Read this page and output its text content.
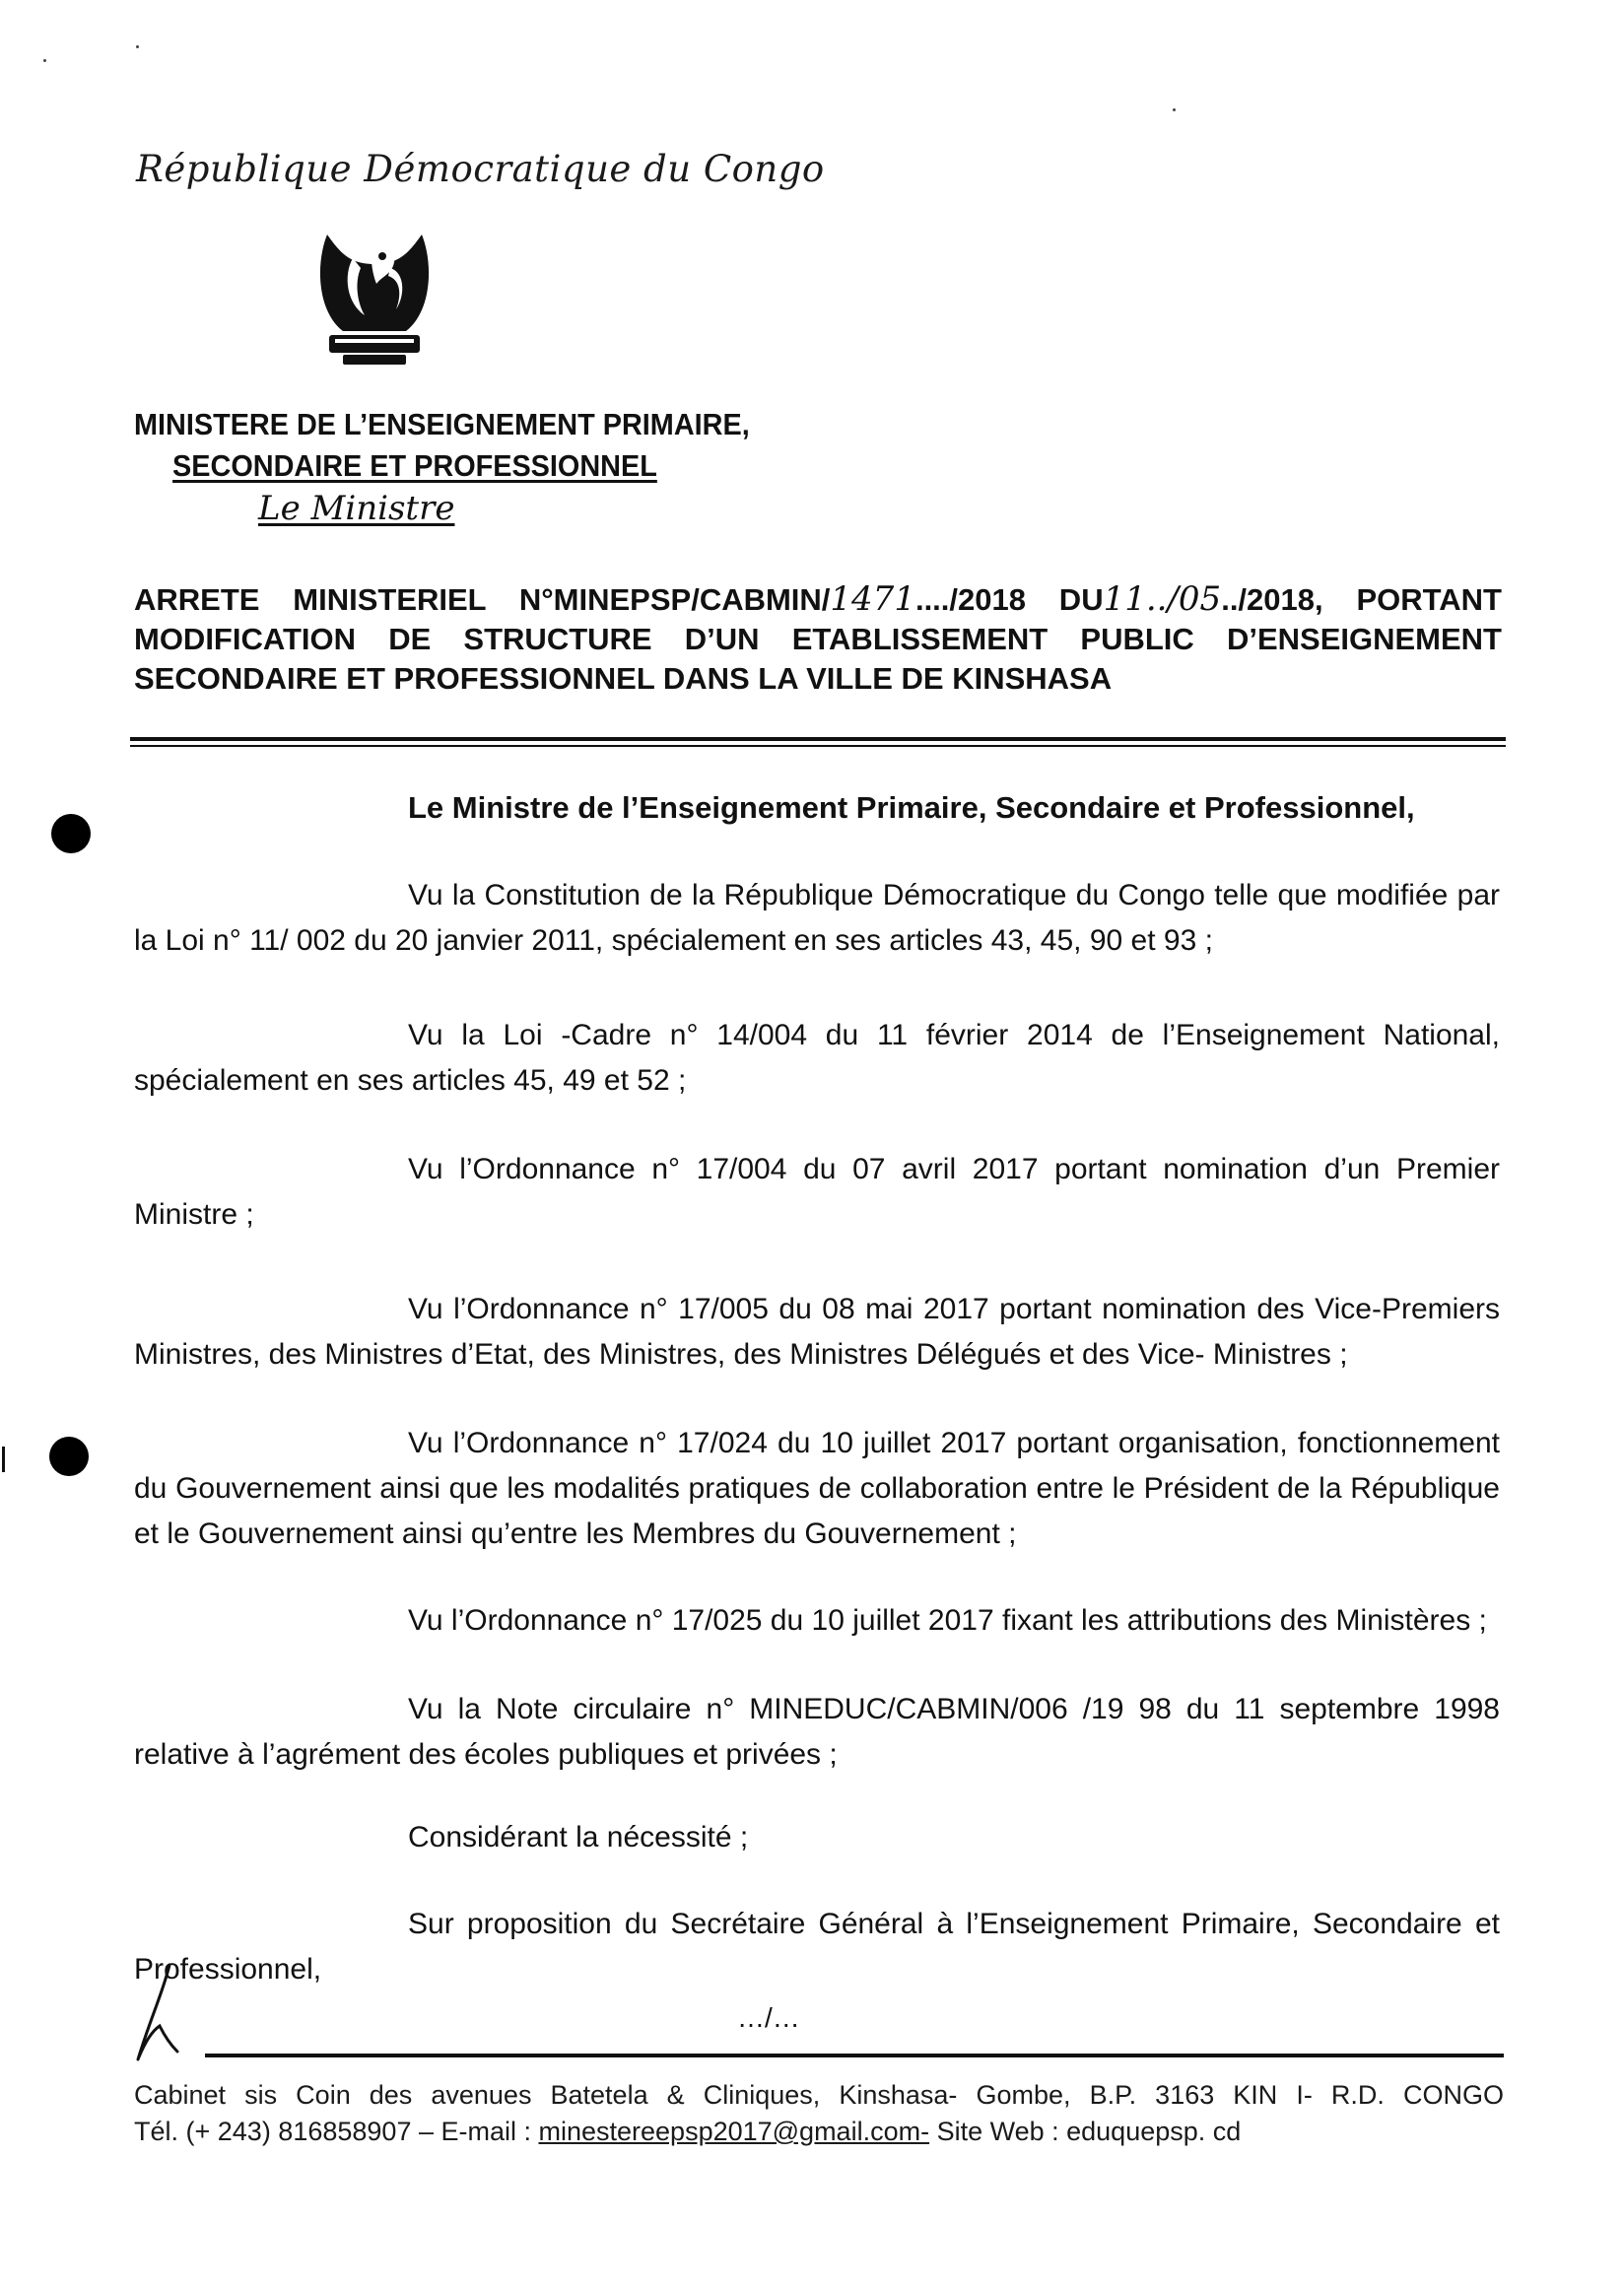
République Démocratique du Congo
MINISTERE DE L’ENSEIGNEMENT PRIMAIRE,
SECONDAIRE ET PROFESSIONNEL
Le Ministre
ARRETE MINISTERIEL N°MINEPSP/CABMIN/1471..../2018 DU11../05../2018, PORTANT MODIFICATION DE STRUCTURE D’UN ETABLISSEMENT PUBLIC D’ENSEIGNEMENT SECONDAIRE ET PROFESSIONNEL DANS LA VILLE DE KINSHASA
Le Ministre de l’Enseignement Primaire, Secondaire et Professionnel,

Vu la Constitution de la République Démocratique du Congo telle que modifiée par la Loi n° 11/ 002 du 20 janvier 2011, spécialement en ses articles 43, 45, 90 et 93 ;

Vu la Loi -Cadre n° 14/004 du 11 février 2014 de l’Enseignement National, spécialement en ses articles 45, 49 et 52 ;

Vu l’Ordonnance n° 17/004 du 07 avril 2017 portant nomination d’un Premier Ministre ;

Vu l’Ordonnance n° 17/005 du 08 mai 2017 portant nomination des Vice-Premiers Ministres, des Ministres d’Etat, des Ministres, des Ministres Délégués et des Vice- Ministres ;

Vu l’Ordonnance n° 17/024 du 10 juillet 2017 portant organisation, fonctionnement du Gouvernement ainsi que les modalités pratiques de collaboration entre le Président de la République et le Gouvernement ainsi qu’entre les Membres du Gouvernement ;

Vu l’Ordonnance n° 17/025 du 10 juillet 2017 fixant les attributions des Ministères ;

Vu la Note circulaire n° MINEDUC/CABMIN/006 /19 98 du 11 septembre 1998 relative à l’agrément des écoles publiques et privées ;

Considérant la nécessité ;

Sur proposition du Secrétaire Général à l’Enseignement Primaire, Secondaire et Professionnel,

…/…
Cabinet sis Coin des avenues Batetela & Cliniques, Kinshasa- Gombe, B.P. 3163 KIN I- R.D. CONGO
Tél. (+ 243) 816858907 – E-mail : minestereepsp2017@gmail.com- Site Web : eduquepsp. cd
